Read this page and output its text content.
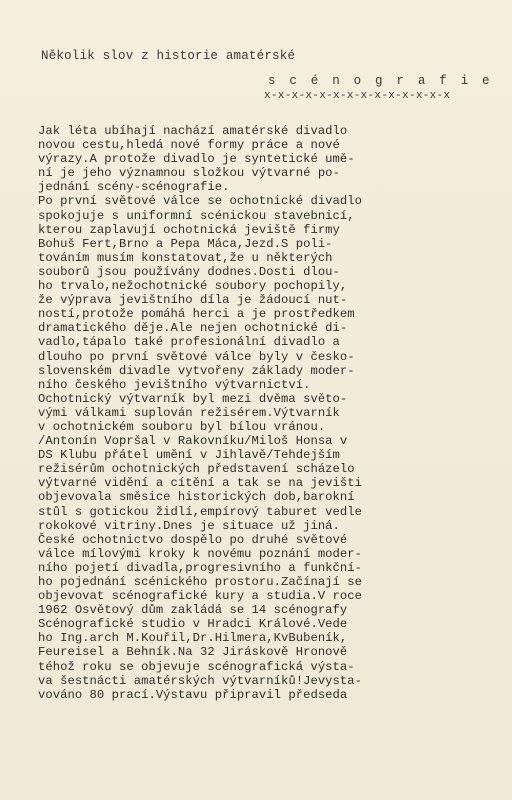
Několik slov z historie amatérské
s c é n o g r a f i e
x-x-x-x-x-x-x-x-x-x-x-x-x-x
Jak léta ubíhají nachází amatérské divadlo
novou cestu,hledá nové formy práce a nové
výrazy.A protože divadlo je syntetické umě-
ní je jeho významnou složkou výtvarné po-
jednání scény-scénografie.
Po první světové válce se ochotnické divadlo
spokojuje s uniformní scénickou stavebnicí,
kterou zaplavují ochotnická jeviště firmy
Bohuš Fert,Brno a Pepa Máca,Jezd.S poli-
továním musím konstatovat,že u některých
souborů jsou používány dodnes.Dosti dlou-
ho trvalo,nežochotnické soubory pochopily,
že výprava jevištního díla je žádoucí nut-
ností,protože pomáhá herci a je prostředkem
dramatického děje.Ale nejen ochotnické di-
vadlo,tápalo také profesionální divadlo a
dlouho po první světové válce byly v česko-
slovenském divadle vytvořeny základy moder-
ního českého jevištního výtvarnictví.
Ochotnický výtvarník byl mezi dvěma světo-
vými válkami suplován režisérem.Výtvarník
v ochotnickém souboru byl bílou vránou.
/Antonín Vopršal v Rakovníku/Miloš Honsa v
DS Klubu přátel umění v Jihlavě/Tehdejším
režisérům ochotnických představení scházelo
výtvarné vidění a cítění a tak se na jevišti
objevovala směsice historických dob,barokní
stůl s gotickou židlí,empírový taburet vedle
rokokové vitriny.Dnes je situace už jiná.
České ochotnictvo dospělo po druhé světové
válce mílovými kroky k novému poznání moder-
ního pojetí divadla,progresivního a funkční-
ho pojednání scénického prostoru.Začínají se
objevovat scénografické kury a studia.V roce
1962 Osvětový dům zakládá se 14 scénografy
Scénografické studio v Hradci Králové.Vede
ho Ing.arch M.Kouřil,Dr.Hilmera,KvBubeník,
Feureisel a Behník.Na 32 Jiráskově Hronově
téhož roku se objevuje scénografická výsta-
va šestnácti amatérských výtvarníků!Jevysta-
vováno 80 prací.Výstavu připravil předseda
